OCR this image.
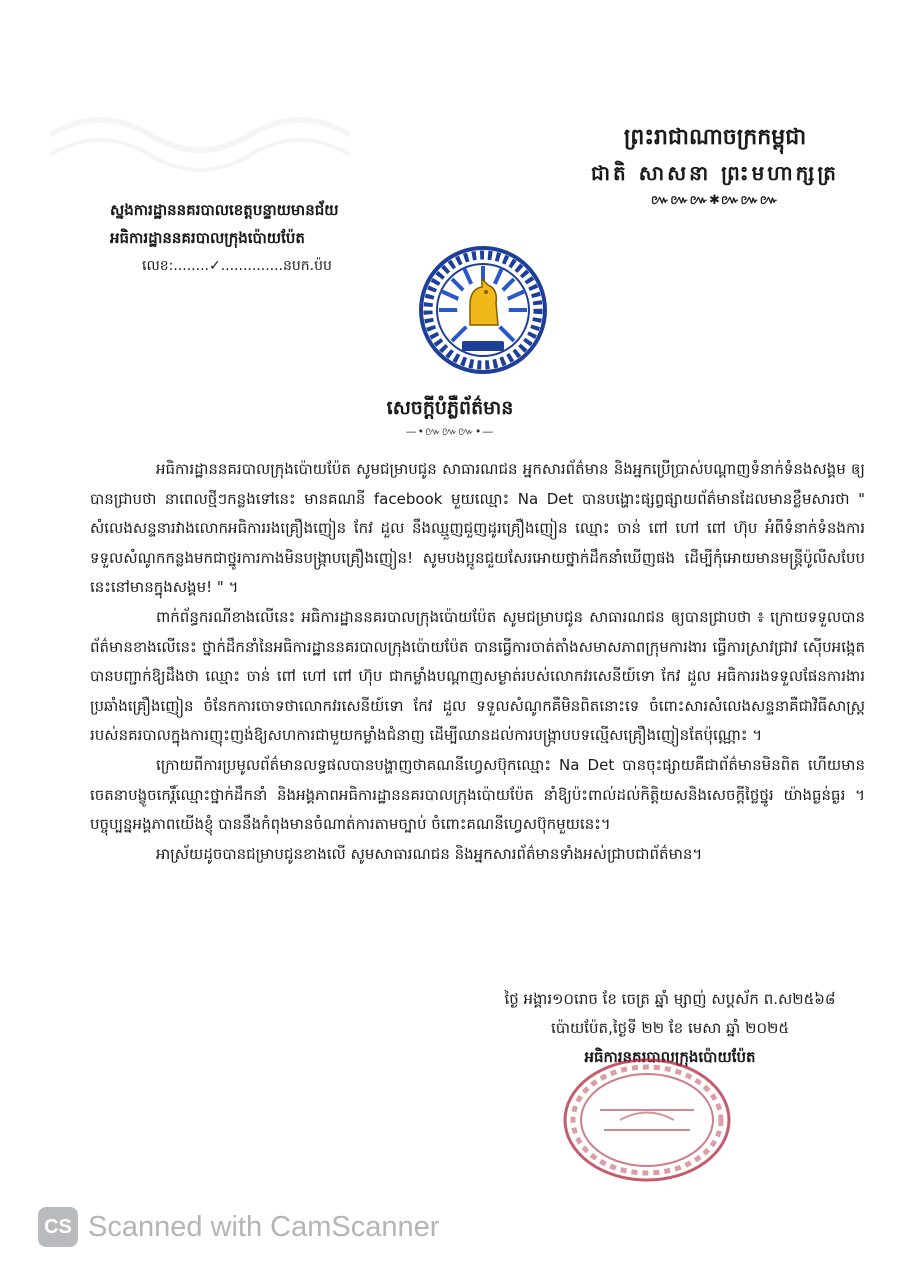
ព្រះរាជាណាចក្រកម្ពុជា
ជាតិ សាសនា ព្រះមហាក្សត្រ
៚៚៚✱៚៚៚
ស្នងការដ្ឋាននគរបាលខេត្តបន្ទាយមានជ័យ
អធិការដ្ឋាននគរបាលក្រុងប៉ោយប៉ែត
លេខ:........✓..............នបក.ប៉ប
សេចក្តីបំភ្លឺព័ត៌មាន
—•៚៚៚•—

អធិការដ្ឋាននគរបាលក្រុងប៉ោយប៉ែត សូមជម្រាបជូន សាធារណជន អ្នកសារព័ត៌មាន និងអ្នកប្រើប្រាស់បណ្តាញទំនាក់ទំនងសង្គម ឲ្យបានជ្រាបថា នាពេលថ្មីៗកន្លងទៅនេះ មានគណនី facebook មួយឈ្មោះ Na Det បានបង្ហោះផ្សព្វផ្សាយព័ត៌មានដែលមានខ្លឹមសារថា " សំលេងសន្ទនារវាងលោកអធិការរងគ្រឿងញៀន កែវ ដួល នឹងឈ្មួញជួញដូរគ្រឿងញៀន ឈ្មោះ ចាន់ ពៅ ហៅ ពៅ ហ៊ុប អំពីទំនាក់ទំនងការទទួលសំណូកកន្លងមកជាថ្នូរការកាងមិនបង្ក្រាបគ្រឿងញៀន! សូមបងប្អូនជួយសែរអោយថ្នាក់ដឹកនាំឃើញផង ដើម្បីកុំអោយមានមន្ត្រីប៉ូលីសបែបនេះនៅមានក្នុងសង្គម! " ។

ពាក់ព័ន្ធករណីខាងលើនេះ អធិការដ្ឋាននគរបាលក្រុងប៉ោយប៉ែត សូមជម្រាបជូន សាធារណជន ឲ្យបានជ្រាបថា ៖ ក្រោយទទួលបានព័ត៌មានខាងលើនេះ ថ្នាក់ដឹកនាំនៃអធិការដ្ឋាននគរបាលក្រុងប៉ោយប៉ែត បានធ្វើការចាត់តាំងសមាសភាពក្រុមការងារ ធ្វើការស្រាវជ្រាវ ស៊ើបអង្កេត បានបញ្ជាក់ឱ្យដឹងថា ឈ្មោះ ចាន់ ពៅ ហៅ ពៅ ហ៊ុប ជាកម្លាំងបណ្តាញសម្ងាត់របស់លោកវរសេនីយ៍ទោ កែវ ដួល អធិការរងទទួលផែនការងារប្រឆាំងគ្រឿងញៀន ចំនែកការចោទថាលោកវរសេនីយ៍ទោ កែវ ដួល ទទួលសំណូកគឺមិនពិតនោះទេ ចំពោះសារសំលេងសន្ទនាគឺជាវិធីសាស្ត្ររបស់នគរបាលក្នុងការញុះញង់ឱ្យសហការជាមួយកម្លាំងជំនាញ ដើម្បីឈានដល់ការបង្ក្រាបបទល្មើសគ្រឿងញៀនតែប៉ុណ្ណោះ ។

ក្រោយពីការប្រមូលព័ត៌មានលទ្ធផលបានបង្ហាញថាគណនីហ្វេសប៊ុកឈ្មោះ Na Det បានចុះផ្សាយគឺជាព័ត៌មានមិនពិត ហើយមានចេតនាបង្ខូចកេរ្តិ៍ឈ្មោះថ្នាក់ដឹកនាំ និងអង្គភាពអធិការដ្ឋាននគរបាលក្រុងប៉ោយប៉ែត នាំឱ្យប៉ះពាល់ដល់កិត្តិយសនិងសេចក្តីថ្លៃថ្នូរ យ៉ាងធ្ងន់ធ្ងរ ។ បច្ចុប្បន្នអង្គភាពយើងខ្ញុំ បាននឹងកំពុងមានចំណាត់ការតាមច្បាប់ ចំពោះគណនីហ្វេសប៊ុកមួយនេះ។

អាស្រ័យដូចបានជម្រាបជូនខាងលើ សូមសាធារណជន និងអ្នកសារព័ត៌មានទាំងអស់ជ្រាបជាព័ត៌មាន។

ថ្ងៃ អង្គារ១០រោច ខែ ចេត្រ ឆ្នាំ ម្សាញ់ សប្តស័ក ព.ស២៥៦៨
ប៉ោយប៉ែត,ថ្ងៃទី ២២ ខែ មេសា ឆ្នាំ ២០២៥
អធិការនគរបាលក្រុងប៉ោយប៉ែត
CS Scanned with CamScanner
